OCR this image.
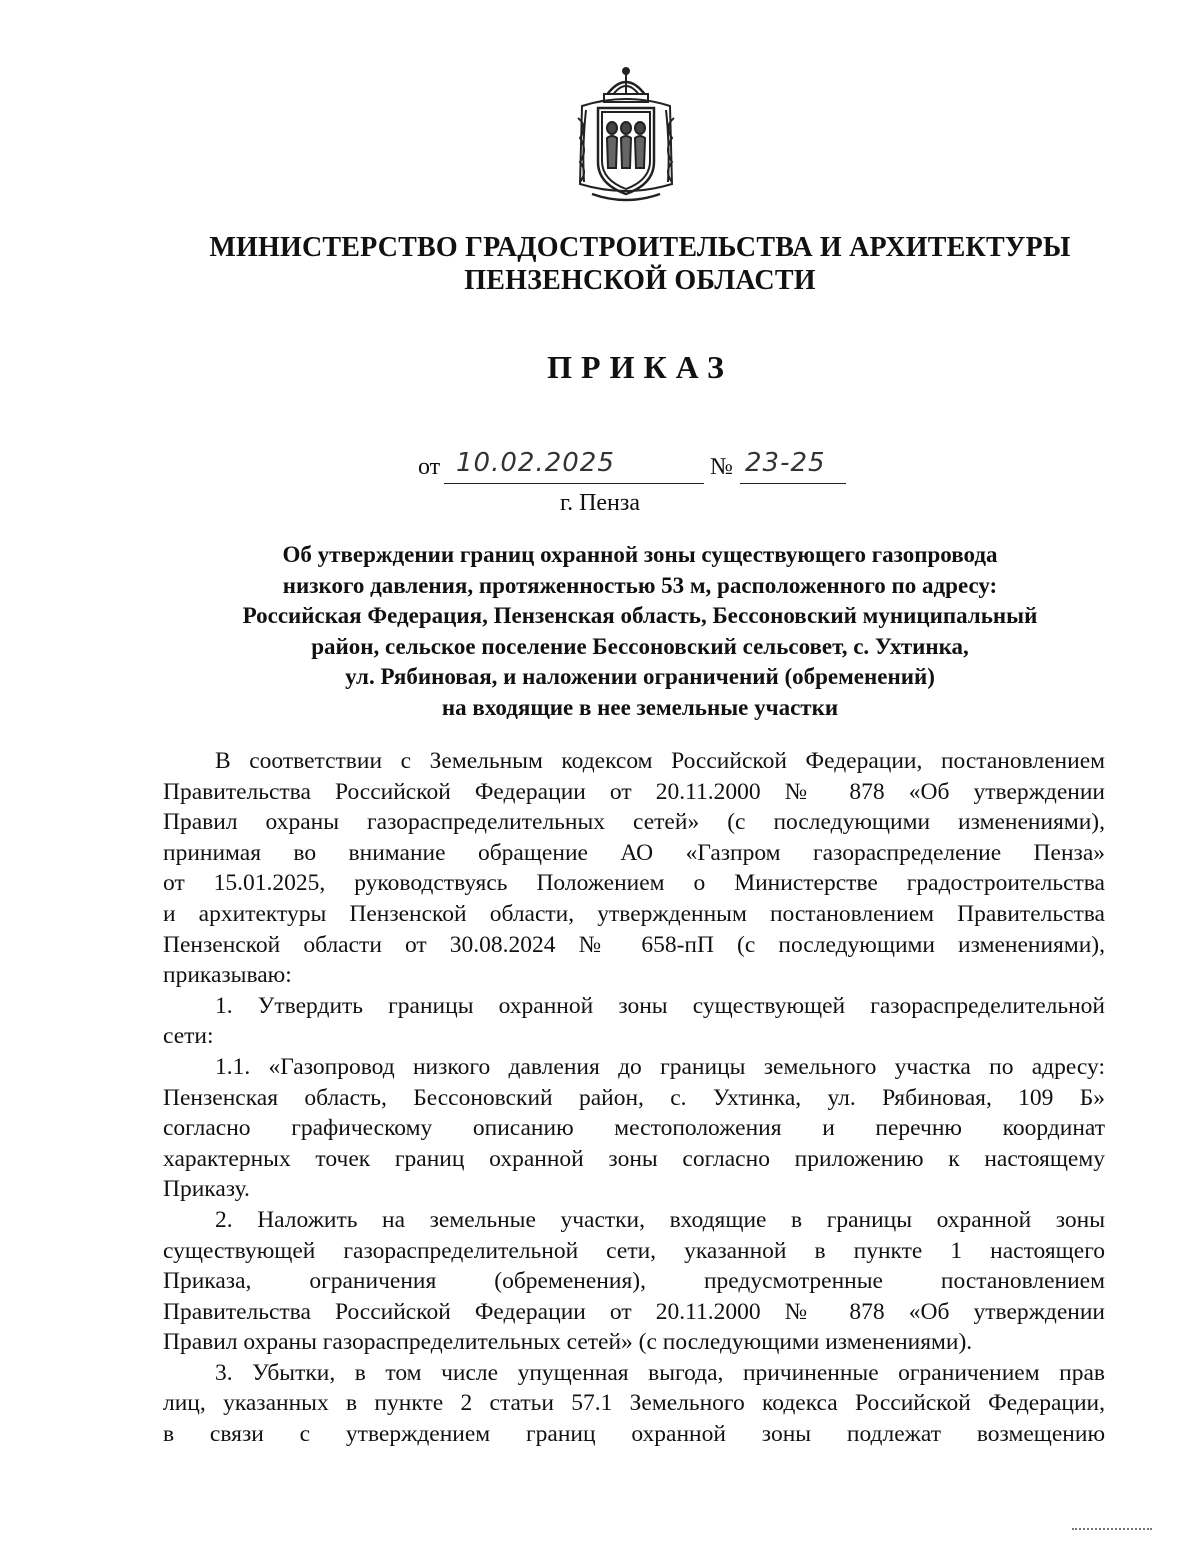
МИНИСТЕРСТВО ГРАДОСТРОИТЕЛЬСТВА И АРХИТЕКТУРЫ
ПЕНЗЕНСКОЙ ОБЛАСТИ
ПРИКАЗ
от 10.02.2025	№ 23-25
г. Пенза
Об утверждении границ охранной зоны существующего газопровода
низкого давления, протяженностью 53 м, расположенного по адресу:
Российская Федерация, Пензенская область, Бессоновский муниципальный
район, сельское поселение Бессоновский сельсовет, с. Ухтинка,
ул. Рябиновая, и наложении ограничений (обременений)
на входящие в нее земельные участки
В соответствии с Земельным кодексом Российской Федерации, постановлением
Правительства Российской Федерации от 20.11.2000 № 878 «Об утверждении
Правил охраны газораспределительных сетей» (с последующими изменениями),
принимая во внимание обращение АО «Газпром газораспределение Пенза»
от 15.01.2025, руководствуясь Положением о Министерстве градостроительства
и архитектуры Пензенской области, утвержденным постановлением Правительства
Пензенской области от 30.08.2024 № 658-пП (с последующими изменениями),
приказываю:
1. Утвердить границы охранной зоны существующей газораспределительной
сети:
1.1. «Газопровод низкого давления до границы земельного участка по адресу:
Пензенская область, Бессоновский район, с. Ухтинка, ул. Рябиновая, 109 Б»
согласно графическому описанию местоположения и перечню координат
характерных точек границ охранной зоны согласно приложению к настоящему
Приказу.
2. Наложить на земельные участки, входящие в границы охранной зоны
существующей газораспределительной сети, указанной в пункте 1 настоящего
Приказа, ограничения (обременения), предусмотренные постановлением
Правительства Российской Федерации от 20.11.2000 № 878 «Об утверждении
Правил охраны газораспределительных сетей» (с последующими изменениями).
3. Убытки, в том числе упущенная выгода, причиненные ограничением прав
лиц, указанных в пункте 2 статьи 57.1 Земельного кодекса Российской Федерации,
в связи с утверждением границ охранной зоны подлежат возмещению
